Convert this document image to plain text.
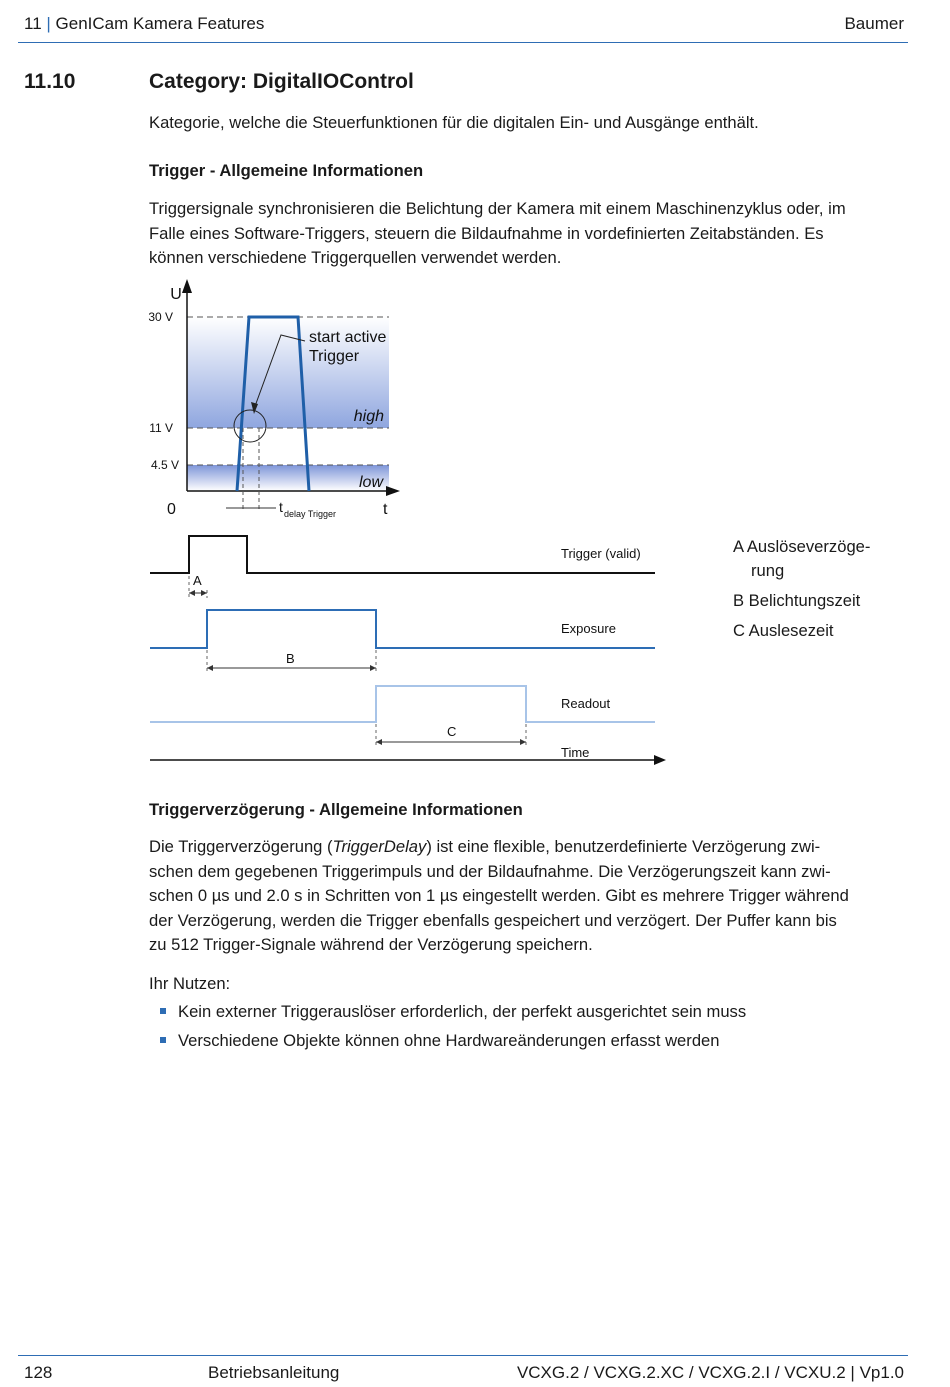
11 | GenICam Kamera Features	Baumer
11.10	Category: DigitalIOControl
Kategorie, welche die Steuerfunktionen für die digitalen Ein- und Ausgänge enthält.
Trigger - Allgemeine Informationen
Triggersignale synchronisieren die Belichtung der Kamera mit einem Maschinenzyklus oder, im
Falle eines Software-Triggers, steuern die Bildaufnahme in vordefinierten Zeitabständen. Es
können verschiedene Triggerquellen verwendet werden.
U
30 V
11 V
4.5 V
0	t
high
low
start active
Trigger
t delay Trigger
A
B
C
Trigger (valid)
Exposure
Readout
Time
A Auslöseverzöge-
rung
B Belichtungszeit
C Auslesezeit
Triggerverzögerung - Allgemeine Informationen
Die Triggerverzögerung (TriggerDelay) ist eine flexible, benutzerdefinierte Verzögerung zwi-
schen dem gegebenen Triggerimpuls und der Bildaufnahme. Die Verzögerungszeit kann zwi-
schen 0 µs und 2.0 s in Schritten von 1 µs eingestellt werden. Gibt es mehrere Trigger während
der Verzögerung, werden die Trigger ebenfalls gespeichert und verzögert. Der Puffer kann bis
zu 512 Trigger-Signale während der Verzögerung speichern.
Ihr Nutzen:
Kein externer Triggerauslöser erforderlich, der perfekt ausgerichtet sein muss
Verschiedene Objekte können ohne Hardwareänderungen erfasst werden
128	Betriebsanleitung	VCXG.2 / VCXG.2.XC / VCXG.2.I / VCXU.2 | Vp1.0
